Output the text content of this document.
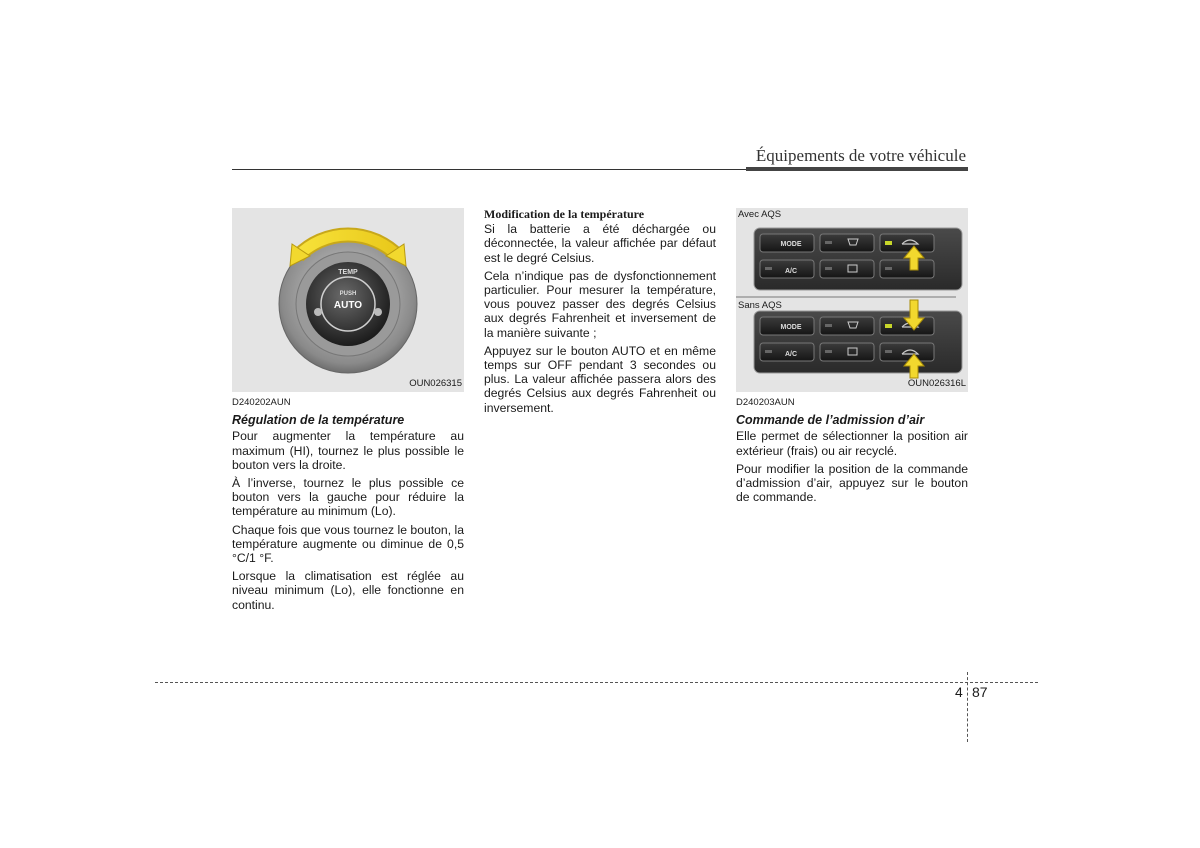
Équipements de votre véhicule
TEMP
PUSH
AUTO
OUN026315
D240202AUN
Régulation de la température

Pour augmenter la température au maximum (HI), tournez le plus possible le bouton vers la droite.

À l’inverse, tournez le plus possible ce bouton vers la gauche pour réduire la température au minimum (Lo).

Chaque fois que vous tournez le bouton, la température augmente ou diminue de 0,5 °C/1 °F.

Lorsque la climatisation est réglée au niveau minimum (Lo), elle fonctionne en continu.

Modification de la température

Si la batterie a été déchargée ou déconnectée, la valeur affichée par défaut est le degré Celsius.

Cela n’indique pas de dysfonctionnement particulier. Pour mesurer la température, vous pouvez passer des degrés Celsius aux degrés Fahrenheit et inversement de la manière suivante ;

Appuyez sur le bouton AUTO et en même temps sur OFF pendant 3 secondes ou plus. La valeur affichée passera alors des degrés Celsius aux degrés Fahrenheit ou inversement.

MODE
A/C
MODE
A/C
Avec AQS
Sans AQS
OUN026316L
D240203AUN
Commande de l’admission d’air

Elle permet de sélectionner la position air extérieur (frais) ou air recyclé.

Pour modifier la position de la commande d’admission d’air, appuyez sur le bouton de commande.

4 87
